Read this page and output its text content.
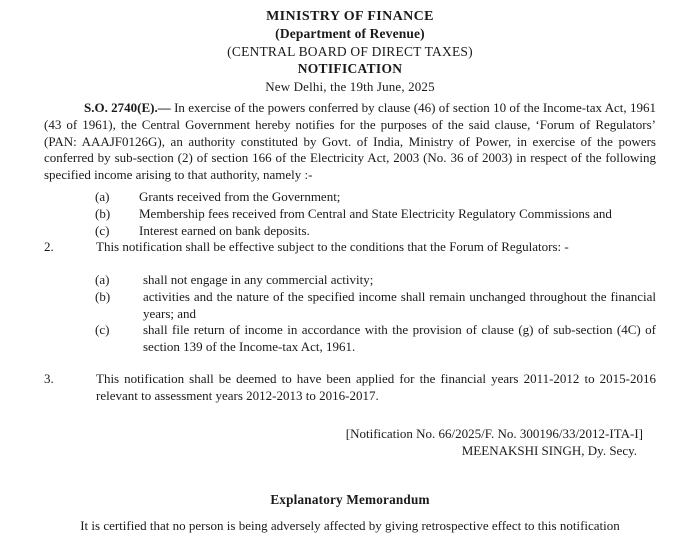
MINISTRY OF FINANCE
(Department of Revenue)
(CENTRAL BOARD OF DIRECT TAXES)
NOTIFICATION
New Delhi, the 19th June, 2025

S.O. 2740(E).— In exercise of the powers conferred by clause (46) of section 10 of the Income-tax Act, 1961 (43 of 1961), the Central Government hereby notifies for the purposes of the said clause, ‘Forum of Regulators’ (PAN: AAAJF0126G), an authority constituted by Govt. of India, Ministry of Power, in exercise of the powers conferred by sub-section (2) of section 166 of the Electricity Act, 2003 (No. 36 of 2003) in respect of the following specified income arising to that authority, namely :-

	(a)	Grants received from the Government;
	(b)	Membership fees received from Central and State Electricity Regulatory Commissions and
	(c)	Interest earned on bank deposits.
2.	This notification shall be effective subject to the conditions that the Forum of Regulators: -
	(a)	shall not engage in any commercial activity;
	(b)	activities and the nature of the specified income shall remain unchanged throughout the financial years; and
	(c)	shall file return of income in accordance with the provision of clause (g) of sub-section (4C) of section 139 of the Income-tax Act, 1961.
3.	This notification shall be deemed to have been applied for the financial years 2011-2012 to 2015-2016 relevant to assessment years 2012-2013 to 2016-2017.
[Notification No. 66/2025/F. No. 300196/33/2012-ITA-I]
MEENAKSHI SINGH, Dy. Secy.
Explanatory Memorandum
It is certified that no person is being adversely affected by giving retrospective effect to this notification
